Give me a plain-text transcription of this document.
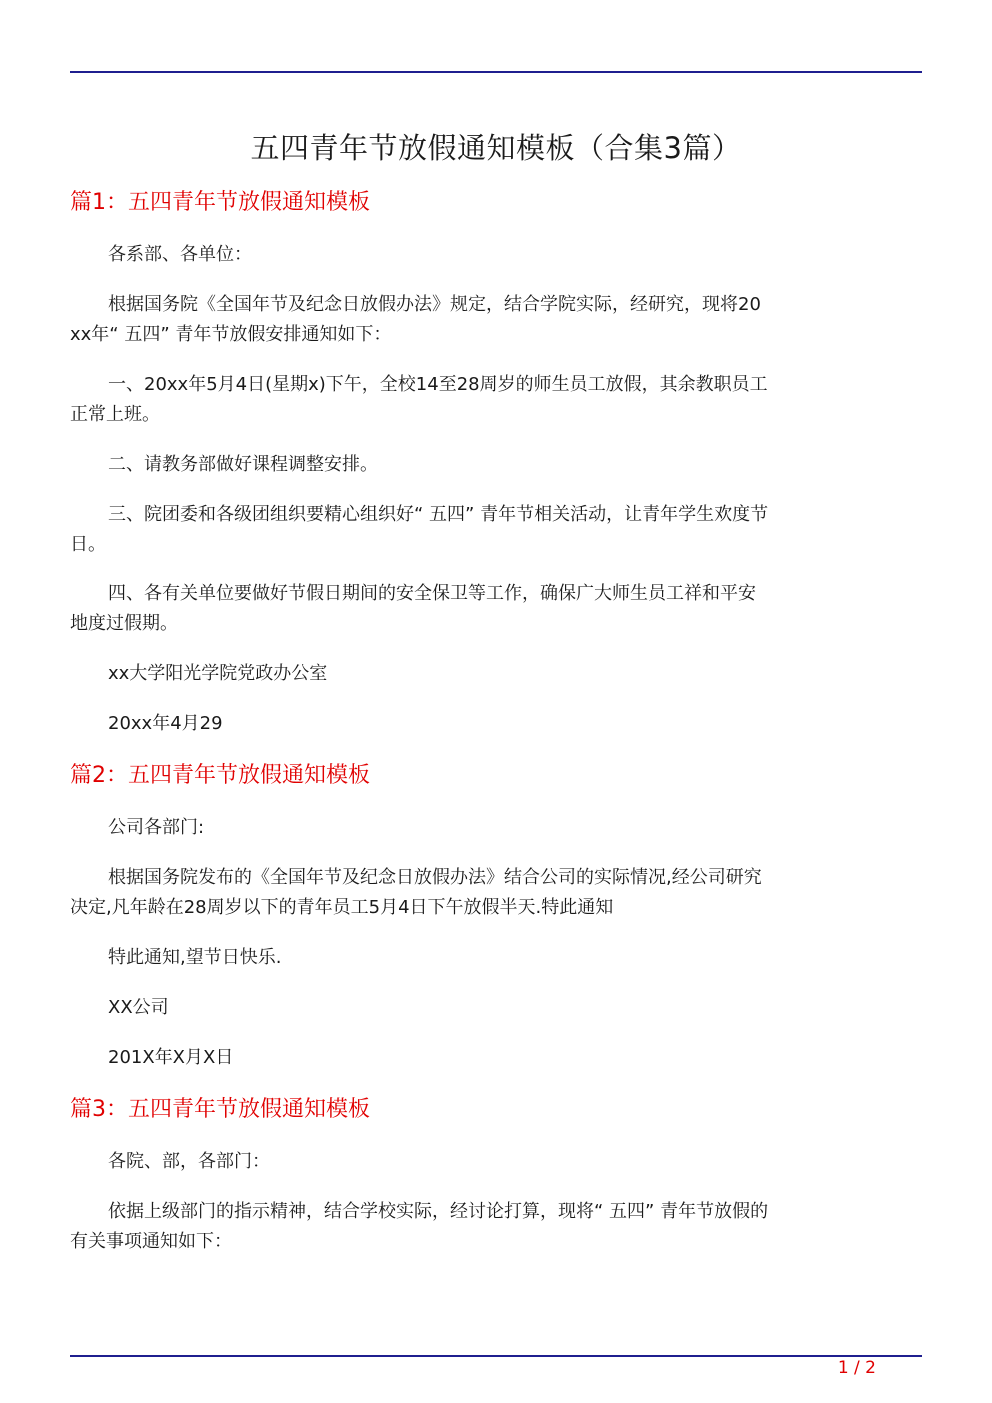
五四青年节放假通知模板（合集3篇）
篇1：五四青年节放假通知模板

各系部、各单位：

根据国务院《全国年节及纪念日放假办法》规定，结合学院实际，经研究，现将20xx年“ 五四” 青年节放假安排通知如下：

一、20xx年5月4日(星期x)下午，全校14至28周岁的师生员工放假，其余教职员工正常上班。

二、请教务部做好课程调整安排。

三、院团委和各级团组织要精心组织好“ 五四” 青年节相关活动，让青年学生欢度节日。

四、各有关单位要做好节假日期间的安全保卫等工作，确保广大师生员工祥和平安地度过假期。

xx大学阳光学院党政办公室

20xx年4月29

篇2：五四青年节放假通知模板

公司各部门:

根据国务院发布的《全国年节及纪念日放假办法》结合公司的实际情况,经公司研究决定,凡年龄在28周岁以下的青年员工5月4日下午放假半天.特此通知

特此通知,望节日快乐.

XX公司

201X年X月X日

篇3：五四青年节放假通知模板

各院、部，各部门：

依据上级部门的指示精神，结合学校实际，经讨论打算，现将“ 五四” 青年节放假的有关事项通知如下：

1 / 2
